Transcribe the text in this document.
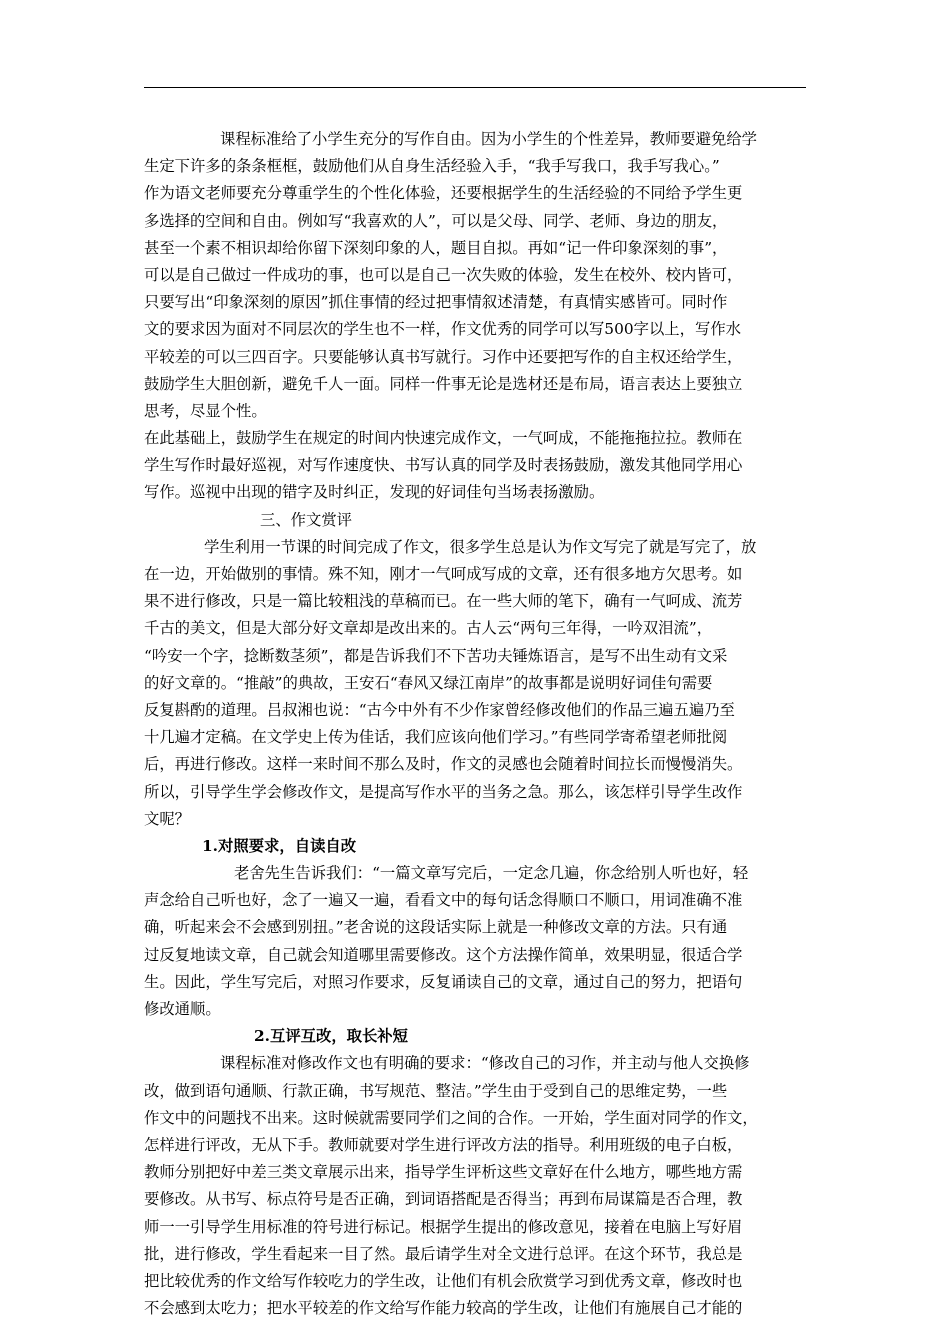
课程标准给了小学生充分的写作自由。因为小学生的个性差异，教师要避免给学
生定下许多的条条框框，鼓励他们从自身生活经验入手，“我手写我口，我手写我心。”
作为语文老师要充分尊重学生的个性化体验，还要根据学生的生活经验的不同给予学生更
多选择的空间和自由。例如写“我喜欢的人”，可以是父母、同学、老师、身边的朋友，
甚至一个素不相识却给你留下深刻印象的人，题目自拟。再如“记一件印象深刻的事”，
可以是自己做过一件成功的事，也可以是自己一次失败的体验，发生在校外、校内皆可，
只要写出“印象深刻的原因”抓住事情的经过把事情叙述清楚，有真情实感皆可。同时作
文的要求因为面对不同层次的学生也不一样，作文优秀的同学可以写500字以上，写作水
平较差的可以三四百字。只要能够认真书写就行。习作中还要把写作的自主权还给学生，
鼓励学生大胆创新，避免千人一面。同样一件事无论是选材还是布局，语言表达上要独立
思考，尽显个性。
在此基础上，鼓励学生在规定的时间内快速完成作文，一气呵成，不能拖拖拉拉。教师在
学生写作时最好巡视，对写作速度快、书写认真的同学及时表扬鼓励，激发其他同学用心
写作。巡视中出现的错字及时纠正，发现的好词佳句当场表扬激励。
三、作文赏评
学生利用一节课的时间完成了作文，很多学生总是认为作文写完了就是写完了，放
在一边，开始做别的事情。殊不知，刚才一气呵成写成的文章，还有很多地方欠思考。如
果不进行修改，只是一篇比较粗浅的草稿而已。在一些大师的笔下，确有一气呵成、流芳
千古的美文，但是大部分好文章却是改出来的。古人云“两句三年得，一吟双泪流”，
“吟安一个字，捻断数茎须”，都是告诉我们不下苦功夫锤炼语言，是写不出生动有文采
的好文章的。“推敲”的典故，王安石“春风又绿江南岸”的故事都是说明好词佳句需要
反复斟酌的道理。吕叔湘也说：“古今中外有不少作家曾经修改他们的作品三遍五遍乃至
十几遍才定稿。在文学史上传为佳话，我们应该向他们学习。”有些同学寄希望老师批阅
后，再进行修改。这样一来时间不那么及时，作文的灵感也会随着时间拉长而慢慢消失。
所以，引导学生学会修改作文，是提高写作水平的当务之急。那么，该怎样引导学生改作
文呢？
1.对照要求，自读自改
老舍先生告诉我们：“一篇文章写完后，一定念几遍，你念给别人听也好，轻
声念给自己听也好，念了一遍又一遍，看看文中的每句话念得顺口不顺口，用词准确不准
确，听起来会不会感到别扭。”老舍说的这段话实际上就是一种修改文章的方法。只有通
过反复地读文章，自己就会知道哪里需要修改。这个方法操作简单，效果明显，很适合学
生。因此，学生写完后，对照习作要求，反复诵读自己的文章，通过自己的努力，把语句
修改通顺。
2.互评互改，取长补短
课程标准对修改作文也有明确的要求：“修改自己的习作，并主动与他人交换修
改，做到语句通顺、行款正确，书写规范、整洁。”学生由于受到自己的思维定势，一些
作文中的问题找不出来。这时候就需要同学们之间的合作。一开始，学生面对同学的作文，
怎样进行评改，无从下手。教师就要对学生进行评改方法的指导。利用班级的电子白板，
教师分别把好中差三类文章展示出来，指导学生评析这些文章好在什么地方，哪些地方需
要修改。从书写、标点符号是否正确，到词语搭配是否得当；再到布局谋篇是否合理，教
师一一引导学生用标准的符号进行标记。根据学生提出的修改意见，接着在电脑上写好眉
批，进行修改，学生看起来一目了然。最后请学生对全文进行总评。在这个环节，我总是
把比较优秀的作文给写作较吃力的学生改，让他们有机会欣赏学习到优秀文章，修改时也
不会感到太吃力；把水平较差的作文给写作能力较高的学生改，让他们有施展自己才能的
